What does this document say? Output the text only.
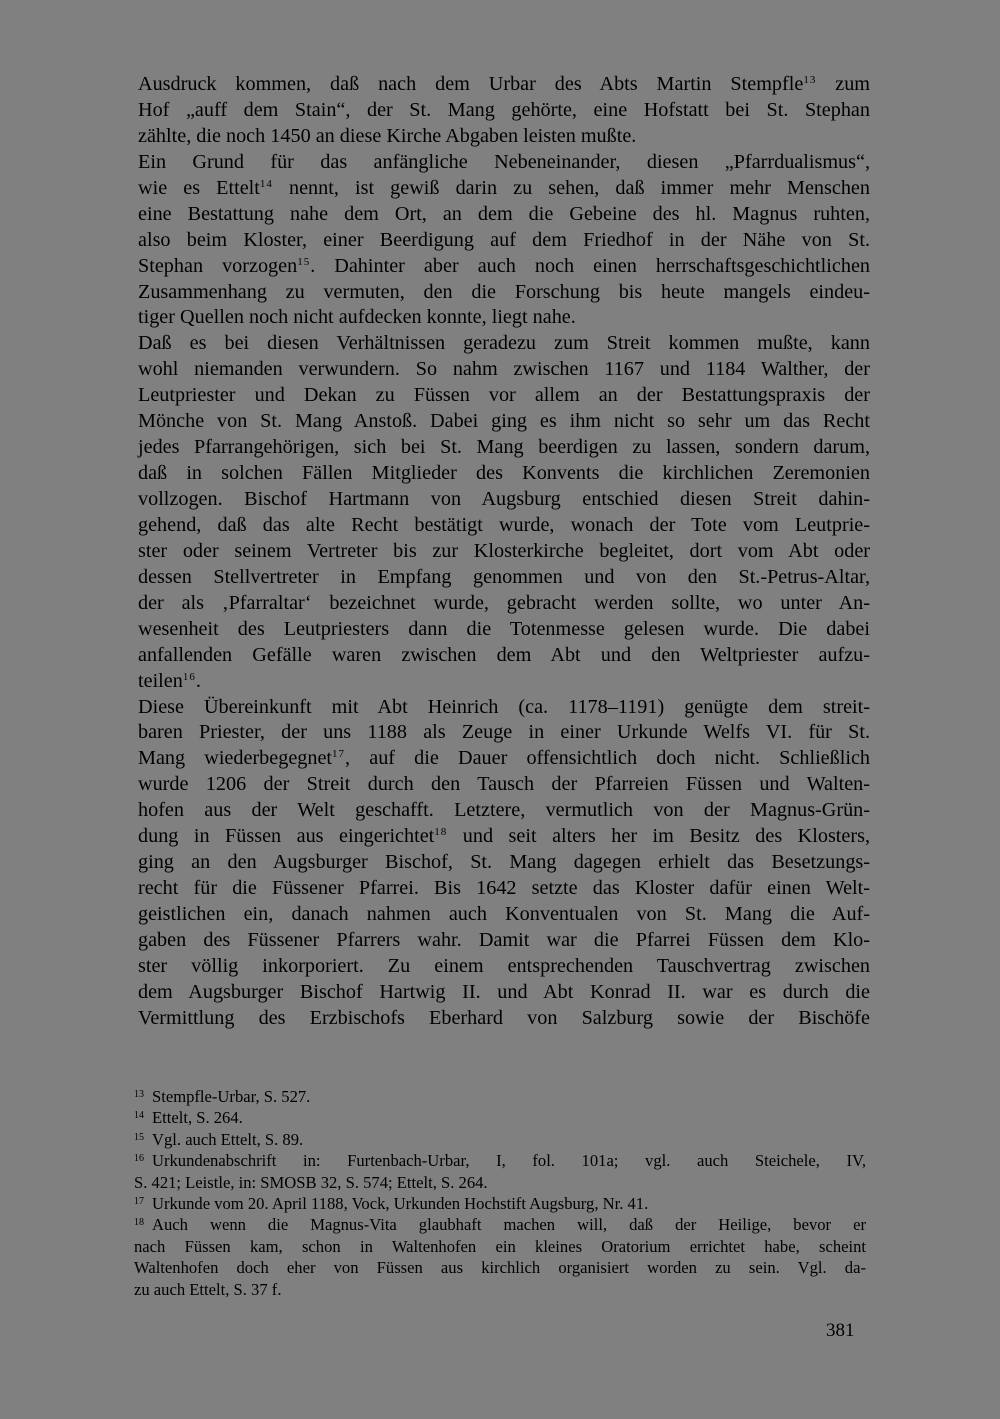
Ausdruck kommen, daß nach dem Urbar des Abts Martin Stempfle$^{13}$ zum
Hof „auff dem Stain“, der St. Mang gehörte, eine Hofstatt bei St. Stephan
zählte, die noch 1450 an diese Kirche Abgaben leisten mußte.
Ein Grund für das anfängliche Nebeneinander, diesen „Pfarrdualismus“,
wie es Ettelt$^{14}$ nennt, ist gewiß darin zu sehen, daß immer mehr Menschen
eine Bestattung nahe dem Ort, an dem die Gebeine des hl. Magnus ruhten,
also beim Kloster, einer Beerdigung auf dem Friedhof in der Nähe von St.
Stephan vorzogen$^{15}$. Dahinter aber auch noch einen herrschaftsgeschichtlichen
Zusammenhang zu vermuten, den die Forschung bis heute mangels eindeu-
tiger Quellen noch nicht aufdecken konnte, liegt nahe.
Daß es bei diesen Verhältnissen geradezu zum Streit kommen mußte, kann
wohl niemanden verwundern. So nahm zwischen 1167 und 1184 Walther, der
Leutpriester und Dekan zu Füssen vor allem an der Bestattungspraxis der
Mönche von St. Mang Anstoß. Dabei ging es ihm nicht so sehr um das Recht
jedes Pfarrangehörigen, sich bei St. Mang beerdigen zu lassen, sondern darum,
daß in solchen Fällen Mitglieder des Konvents die kirchlichen Zeremonien
vollzogen. Bischof Hartmann von Augsburg entschied diesen Streit dahin-
gehend, daß das alte Recht bestätigt wurde, wonach der Tote vom Leutprie-
ster oder seinem Vertreter bis zur Klosterkirche begleitet, dort vom Abt oder
dessen Stellvertreter in Empfang genommen und von den St.-Petrus-Altar,
der als ‚Pfarraltar‘ bezeichnet wurde, gebracht werden sollte, wo unter An-
wesenheit des Leutpriesters dann die Totenmesse gelesen wurde. Die dabei
anfallenden Gefälle waren zwischen dem Abt und den Weltpriester aufzu-
teilen$^{16}$.
Diese Übereinkunft mit Abt Heinrich (ca. 1178–1191) genügte dem streit-
baren Priester, der uns 1188 als Zeuge in einer Urkunde Welfs VI. für St.
Mang wiederbegegnet$^{17}$, auf die Dauer offensichtlich doch nicht. Schließlich
wurde 1206 der Streit durch den Tausch der Pfarreien Füssen und Walten-
hofen aus der Welt geschafft. Letztere, vermutlich von der Magnus-Grün-
dung in Füssen aus eingerichtet$^{18}$ und seit alters her im Besitz des Klosters,
ging an den Augsburger Bischof, St. Mang dagegen erhielt das Besetzungs-
recht für die Füssener Pfarrei. Bis 1642 setzte das Kloster dafür einen Welt-
geistlichen ein, danach nahmen auch Konventualen von St. Mang die Auf-
gaben des Füssener Pfarrers wahr. Damit war die Pfarrei Füssen dem Klo-
ster völlig inkorporiert. Zu einem entsprechenden Tauschvertrag zwischen
dem Augsburger Bischof Hartwig II. und Abt Konrad II. war es durch die
Vermittlung des Erzbischofs Eberhard von Salzburg sowie der Bischöfe
13 Stempfle-Urbar, S. 527.
14 Ettelt, S. 264.
15 Vgl. auch Ettelt, S. 89.
16 Urkundenabschrift in: Furtenbach-Urbar, I, fol. 101a; vgl. auch Steichele, IV,
S. 421; Leistle, in: SMOSB 32, S. 574; Ettelt, S. 264.
17 Urkunde vom 20. April 1188, Vock, Urkunden Hochstift Augsburg, Nr. 41.
18 Auch wenn die Magnus-Vita glaubhaft machen will, daß der Heilige, bevor er
nach Füssen kam, schon in Waltenhofen ein kleines Oratorium errichtet habe, scheint
Waltenhofen doch eher von Füssen aus kirchlich organisiert worden zu sein. Vgl. da-
zu auch Ettelt, S. 37 f.
381
